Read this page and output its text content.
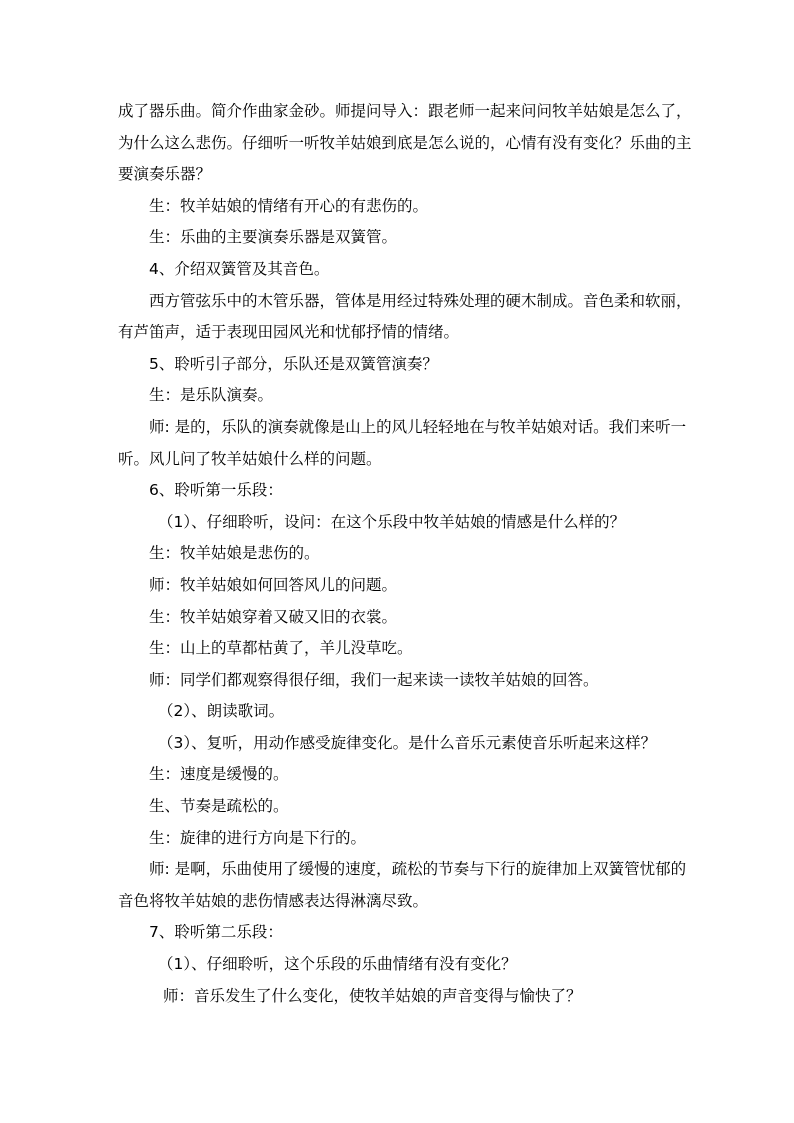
成了器乐曲。简介作曲家金砂。师提问导入：跟老师一起来问问牧羊姑娘是怎么了，为什么这么悲伤。仔细听一听牧羊姑娘到底是怎么说的，心情有没有变化？乐曲的主要演奏乐器？

生：牧羊姑娘的情绪有开心的有悲伤的。

生：乐曲的主要演奏乐器是双簧管。

4、介绍双簧管及其音色。

西方管弦乐中的木管乐器，管体是用经过特殊处理的硬木制成。音色柔和软丽，有芦笛声，适于表现田园风光和忧郁抒情的情绪。

5、聆听引子部分，乐队还是双簧管演奏？

生：是乐队演奏。

师: 是的，乐队的演奏就像是山上的风儿轻轻地在与牧羊姑娘对话。我们来听一听。风儿问了牧羊姑娘什么样的问题。

6、聆听第一乐段：

（1）、仔细聆听，设问：在这个乐段中牧羊姑娘的情感是什么样的？

生：牧羊姑娘是悲伤的。

师：牧羊姑娘如何回答风儿的问题。

生：牧羊姑娘穿着又破又旧的衣裳。

生：山上的草都枯黄了，羊儿没草吃。

师：同学们都观察得很仔细，我们一起来读一读牧羊姑娘的回答。

（2）、朗读歌词。

（3）、复听，用动作感受旋律变化。是什么音乐元素使音乐听起来这样？

生：速度是缓慢的。

生、节奏是疏松的。

生：旋律的进行方向是下行的。

师: 是啊，乐曲使用了缓慢的速度，疏松的节奏与下行的旋律加上双簧管忧郁的音色将牧羊姑娘的悲伤情感表达得淋漓尽致。

7、聆听第二乐段：

（1）、仔细聆听，这个乐段的乐曲情绪有没有变化？

师：音乐发生了什么变化，使牧羊姑娘的声音变得与愉快了？
